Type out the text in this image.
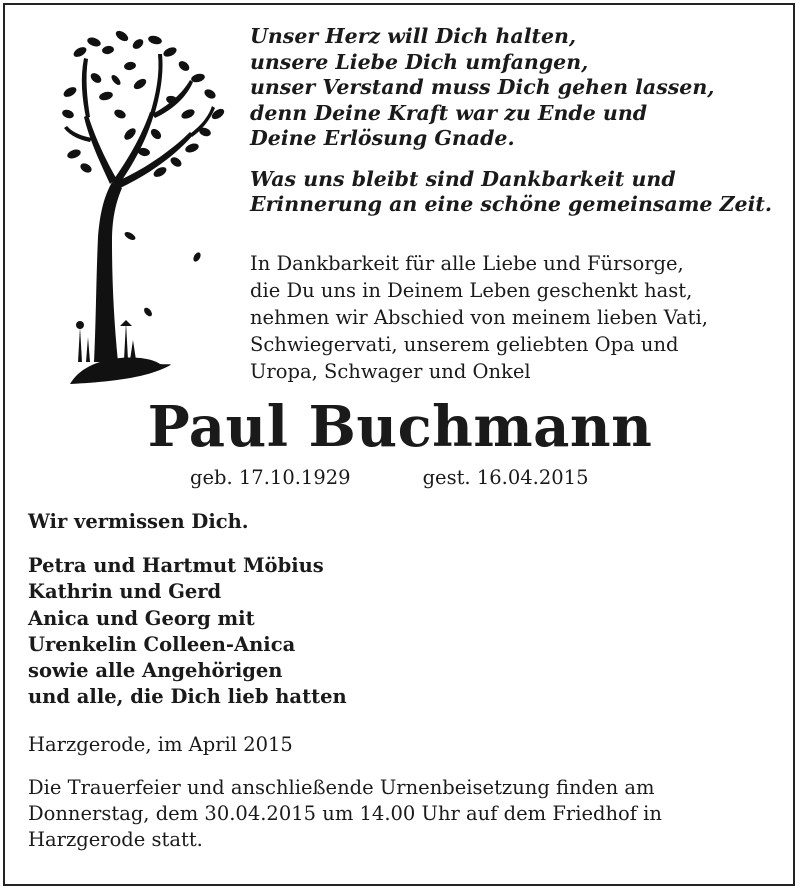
Unser Herz will Dich halten,
unsere Liebe Dich umfangen,
unser Verstand muss Dich gehen lassen,
denn Deine Kraft war zu Ende und
Deine Erlösung Gnade.
Was uns bleibt sind Dankbarkeit und
Erinnerung an eine schöne gemeinsame Zeit.
In Dankbarkeit für alle Liebe und Fürsorge,
die Du uns in Deinem Leben geschenkt hast,
nehmen wir Abschied von meinem lieben Vati,
Schwiegervati, unserem geliebten Opa und
Uropa, Schwager und Onkel
Paul Buchmann
geb. 17.10.1929	gest. 16.04.2015
Wir vermissen Dich.
Petra und Hartmut Möbius
Kathrin und Gerd
Anica und Georg mit
Urenkelin Colleen-Anica
sowie alle Angehörigen
und alle, die Dich lieb hatten
Harzgerode, im April 2015
Die Trauerfeier und anschließende Urnenbeisetzung finden am
Donnerstag, dem 30.04.2015 um 14.00 Uhr auf dem Friedhof in
Harzgerode statt.
